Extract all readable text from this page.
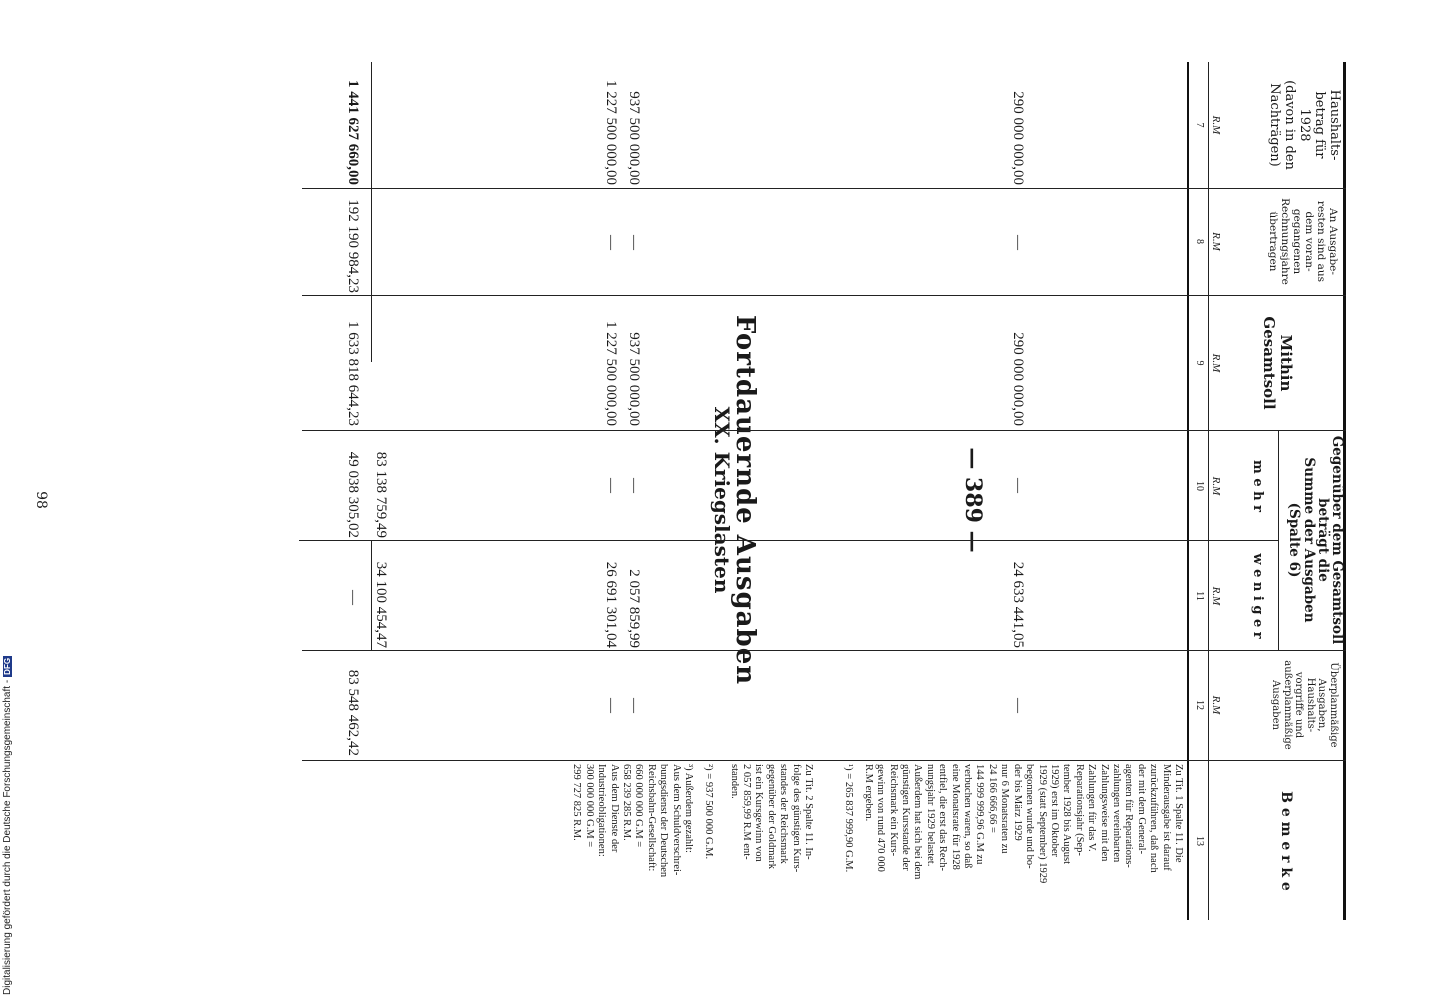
— 389 —
Fortdauernde Ausgaben
XX. Kriegslasten
Haushalts-
betrag für
1928
(davon in den
Nachträgen)
An Ausgabe-
resten sind aus
dem voran-
gegangenen
Rechnungsjahre
übertragen
Mithin
Gesamtsoll
Gegenüber dem Gesamtsoll
beträgt die
Summe der Ausgaben
(Spalte 6)
m e h r
w e n i g e r
Überplanmäßige
Ausgaben,
Haushalts-
vorgriffe und
außerplanmäßige
Ausgaben
B e m e r k e
R.M
R.M
R.M
R.M
R.M
R.M
7
8
9
10
11
12
13
290 000 000,00
—
290 000 000,00
—
24 633 441,05
—
937 500 000,00
—
937 500 000,00
—
2 057 859,99
—
1 227 500 000,00
—
1 227 500 000,00
—
26 691 301,04
—
1 441 627 660,00
192 190 984,23
1 633 818 644,23
83 138 759,49
34 100 454,47
49 038 305,02
—
83 548 462,42
Zu Tit. 1 Spalte 11. Die
Minderausgabe ist darauf
zurückzuführen, daß nach
der mit dem General-
agenten für Reparations-
zahlungen vereinbarten
Zahlungsweise mit den
Zahlungen für das V.
Reparationsjahr (Sep-
tember 1928 bis August
1929) erst im Oktober
1929 (statt September) 1929
begonnen wurde und bo-
der bis März 1929
nur 6 Monatsraten zu
24 166 666,66 =
144 999 999,96 G.M zu
verbuchen waren, so daß
eine Monatsrate für 1928
entfiel, die erst das Rech-
nungsjahr 1929 belastet.
Außerdem hat sich bei dem
günstigen Kursstande der
Reichsmark ein Kurs-
gewinn von rund 470 000
R.M ergeben.
¹) = 265 837 999,90 G.M.
Zu Tit. 2 Spalte 11. In-
folge des günstigen Kurs-
standes der Reichsmark
gegenüber der Goldmark
ist ein Kursgewinn von
2 057 859,99 R.M ent-
standen.
²) = 937 500 000 G.M.
³) Außerdem gezahlt:
Aus dem Schuldverschrei-
bungsdienst der Deutschen
Reichsbahn-Gesellschaft:
660 000 000 G.M =
658 239 285 R.M.
Aus dem Dienste der
Industrieobligationen:
300 000 000 G.M =
299 727 825 R.M.
98
Digitalisierung gefördert durch die Deutsche Forschungsgemeinschaft -DFG
